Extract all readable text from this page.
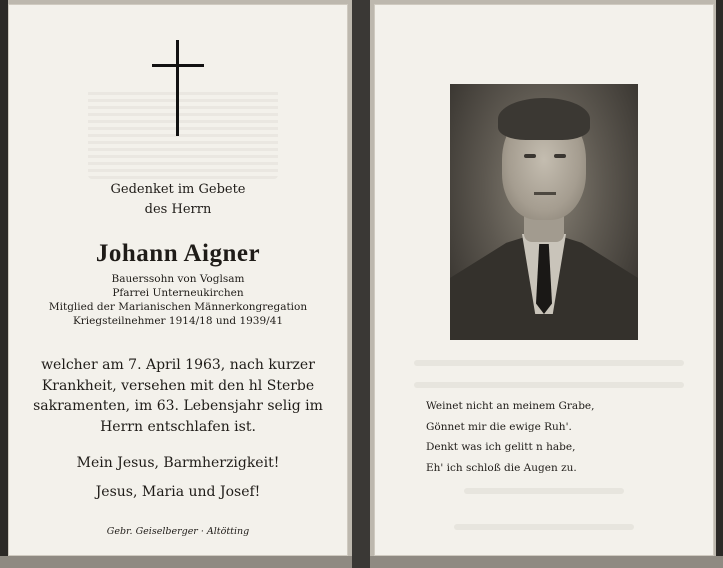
Gedenket im Gebete
des Herrn
Johann Aigner
Bauerssohn von Voglsam
Pfarrei Unterneukirchen
Mitglied der Marianischen Männerkongregation
Kriegsteilnehmer 1914/18 und 1939/41
welcher am 7. April 1963, nach kurzer
Krankheit, versehen mit den hl Sterbe
sakramenten, im 63. Lebensjahr selig im
Herrn entschlafen ist.
Mein Jesus, Barmherzigkeit!
Jesus, Maria und Josef!
Gebr. Geiselberger · Altötting
Weinet nicht an meinem Grabe,
Gönnet mir die ewige Ruh'.
Denkt was ich gelitt n habe,
Eh' ich schloß die Augen zu.
